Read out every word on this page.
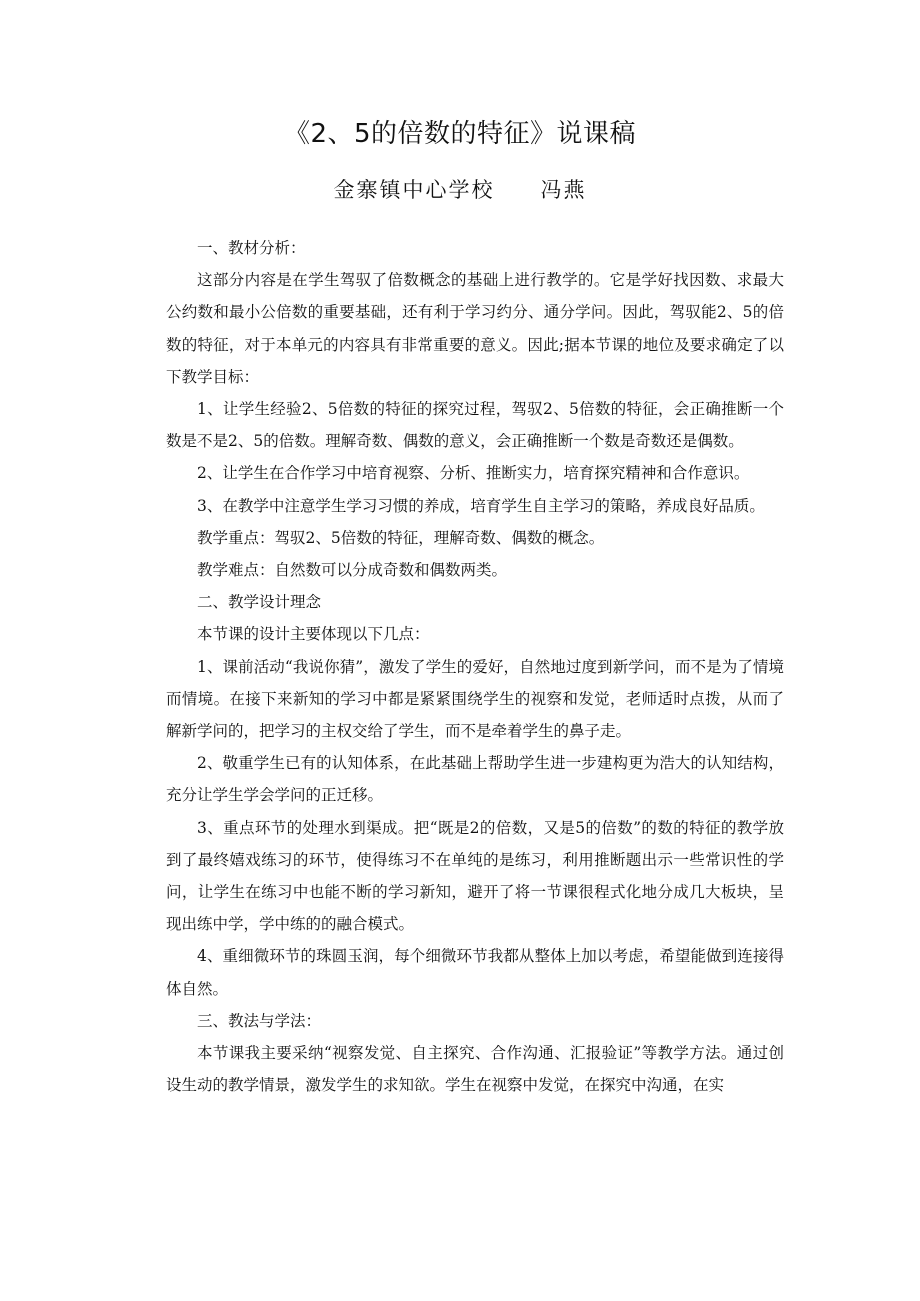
《2、5的倍数的特征》说课稿
金寨镇中心学校 冯燕

一、教材分析：

这部分内容是在学生驾驭了倍数概念的基础上进行教学的。它是学好找因数、求最大公约数和最小公倍数的重要基础，还有利于学习约分、通分学问。因此，驾驭能2、5的倍数的特征，对于本单元的内容具有非常重要的意义。因此;据本节课的地位及要求确定了以下教学目标：

1、让学生经验2、5倍数的特征的探究过程，驾驭2、5倍数的特征，会正确推断一个数是不是2、5的倍数。理解奇数、偶数的意义，会正确推断一个数是奇数还是偶数。

2、让学生在合作学习中培育视察、分析、推断实力，培育探究精神和合作意识。

3、在教学中注意学生学习习惯的养成，培育学生自主学习的策略，养成良好品质。

教学重点：驾驭2、5倍数的特征，理解奇数、偶数的概念。

教学难点：自然数可以分成奇数和偶数两类。

二、教学设计理念

本节课的设计主要体现以下几点：

1、课前活动“我说你猜”，激发了学生的爱好，自然地过度到新学问，而不是为了情境而情境。在接下来新知的学习中都是紧紧围绕学生的视察和发觉，老师适时点拨，从而了解新学问的，把学习的主权交给了学生，而不是牵着学生的鼻子走。

2、敬重学生已有的认知体系，在此基础上帮助学生进一步建构更为浩大的认知结构，充分让学生学会学问的正迁移。

3、重点环节的处理水到渠成。把“既是2的倍数，又是5的倍数”的数的特征的教学放到了最终嬉戏练习的环节，使得练习不在单纯的是练习，利用推断题出示一些常识性的学问，让学生在练习中也能不断的学习新知，避开了将一节课很程式化地分成几大板块，呈现出练中学，学中练的的融合模式。

4、重细微环节的珠圆玉润，每个细微环节我都从整体上加以考虑，希望能做到连接得体自然。

三、教法与学法：

本节课我主要采纳“视察发觉、自主探究、合作沟通、汇报验证”等教学方法。通过创设生动的教学情景，激发学生的求知欲。学生在视察中发觉，在探究中沟通，在实
